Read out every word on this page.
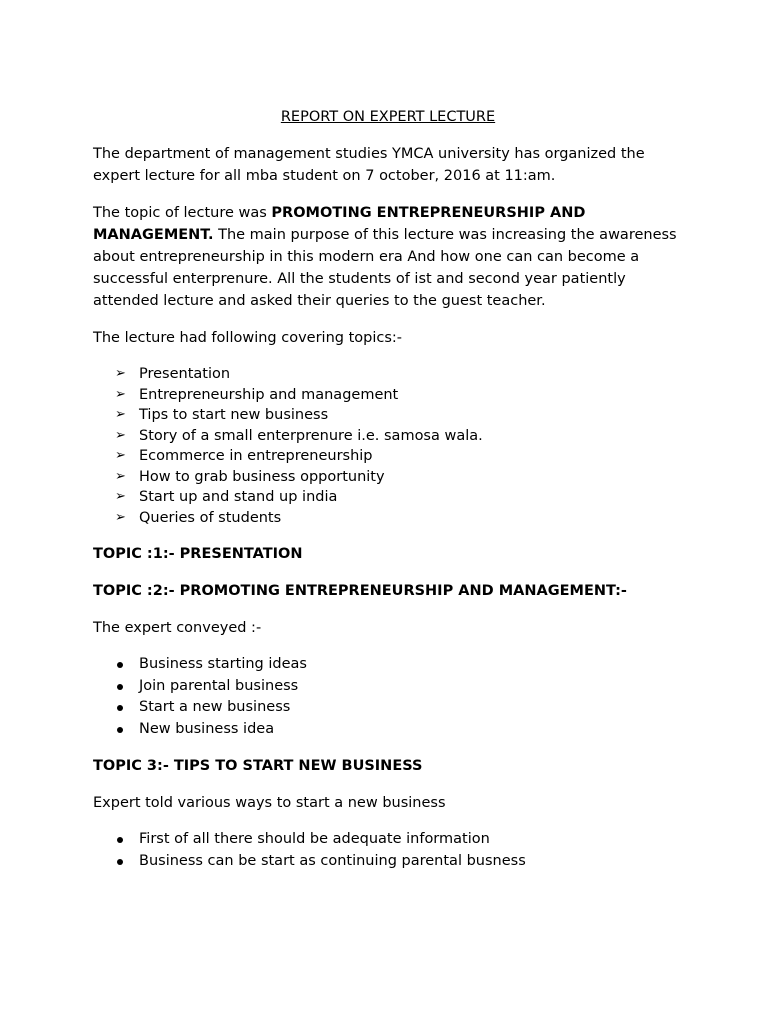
REPORT ON EXPERT LECTURE

The department of management studies YMCA university has organized the expert lecture for all mba student on 7 october, 2016 at 11:am.

The topic of lecture was PROMOTING ENTREPRENEURSHIP AND MANAGEMENT. The main purpose of this lecture was increasing the awareness about entrepreneurship in this modern era And how one can can become a successful enterprenure. All the students of ist and second year patiently attended lecture and asked their queries to the guest teacher.

The lecture had following covering topics:-

➢ Presentation
➢ Entrepreneurship and management
➢ Tips to start new business
➢ Story of a small enterprenure i.e. samosa wala.
➢ Ecommerce in entrepreneurship
➢ How to grab business opportunity
➢ Start up and stand up india
➢ Queries of students
TOPIC :1:- PRESENTATION
TOPIC :2:- PROMOTING ENTREPRENEURSHIP AND MANAGEMENT:-

The expert conveyed :-

Business starting ideas
Join parental business
Start a new business
New business idea
TOPIC 3:- TIPS TO START NEW BUSINESS

Expert told various ways to start a new business

First of all there should be adequate information
Business can be start as continuing parental busness
